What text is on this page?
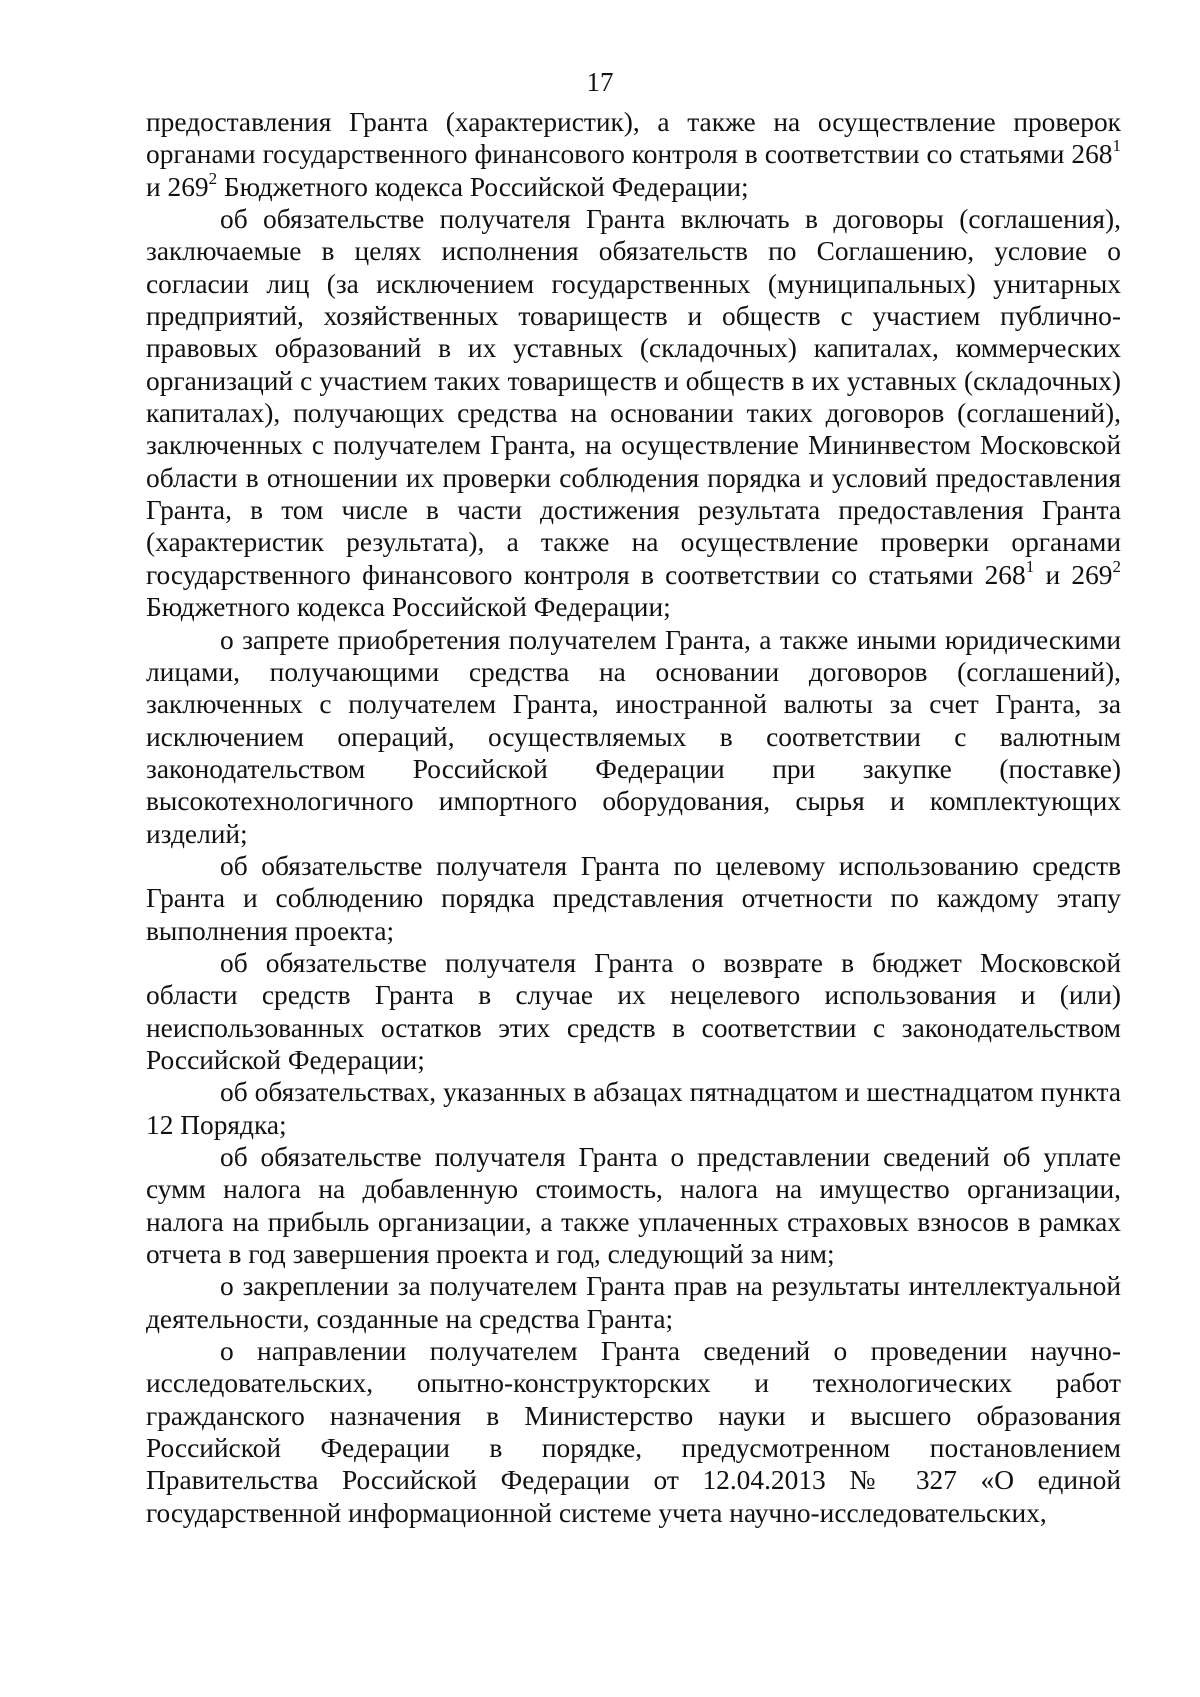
17

предоставления Гранта (характеристик), а также на осуществление проверок органами государственного финансового контроля в соответствии со статьями $268^1$ и $269^2$ Бюджетного кодекса Российской Федерации;

об обязательстве получателя Гранта включать в договоры (соглашения), заключаемые в целях исполнения обязательств по Соглашению, условие о согласии лиц (за исключением государственных (муниципальных) унитарных предприятий, хозяйственных товариществ и обществ с участием публично-правовых образований в их уставных (складочных) капиталах, коммерческих организаций с участием таких товариществ и обществ в их уставных (складочных) капиталах), получающих средства на основании таких договоров (соглашений), заключенных с получателем Гранта, на осуществление Мининвестом Московской области в отношении их проверки соблюдения порядка и условий предоставления Гранта, в том числе в части достижения результата предоставления Гранта (характеристик результата), а также на осуществление проверки органами государственного финансового контроля в соответствии со статьями $268^1$ и $269^2$ Бюджетного кодекса Российской Федерации;

о запрете приобретения получателем Гранта, а также иными юридическими лицами, получающими средства на основании договоров (соглашений), заключенных с получателем Гранта, иностранной валюты за счет Гранта, за исключением операций, осуществляемых в соответствии с валютным законодательством Российской Федерации при закупке (поставке) высокотехнологичного импортного оборудования, сырья и комплектующих изделий;

об обязательстве получателя Гранта по целевому использованию средств Гранта и соблюдению порядка представления отчетности по каждому этапу выполнения проекта;

об обязательстве получателя Гранта о возврате в бюджет Московской области средств Гранта в случае их нецелевого использования и (или) неиспользованных остатков этих средств в соответствии с законодательством Российской Федерации;

об обязательствах, указанных в абзацах пятнадцатом и шестнадцатом пункта 12 Порядка;

об обязательстве получателя Гранта о представлении сведений об уплате сумм налога на добавленную стоимость, налога на имущество организации, налога на прибыль организации, а также уплаченных страховых взносов в рамках отчета в год завершения проекта и год, следующий за ним;

о закреплении за получателем Гранта прав на результаты интеллектуальной деятельности, созданные на средства Гранта;

о направлении получателем Гранта сведений о проведении научно-исследовательских, опытно-конструкторских и технологических работ гражданского назначения в Министерство науки и высшего образования Российской Федерации в порядке, предусмотренном постановлением Правительства Российской Федерации от 12.04.2013 № 327 «О единой государственной информационной системе учета научно-исследовательских,
